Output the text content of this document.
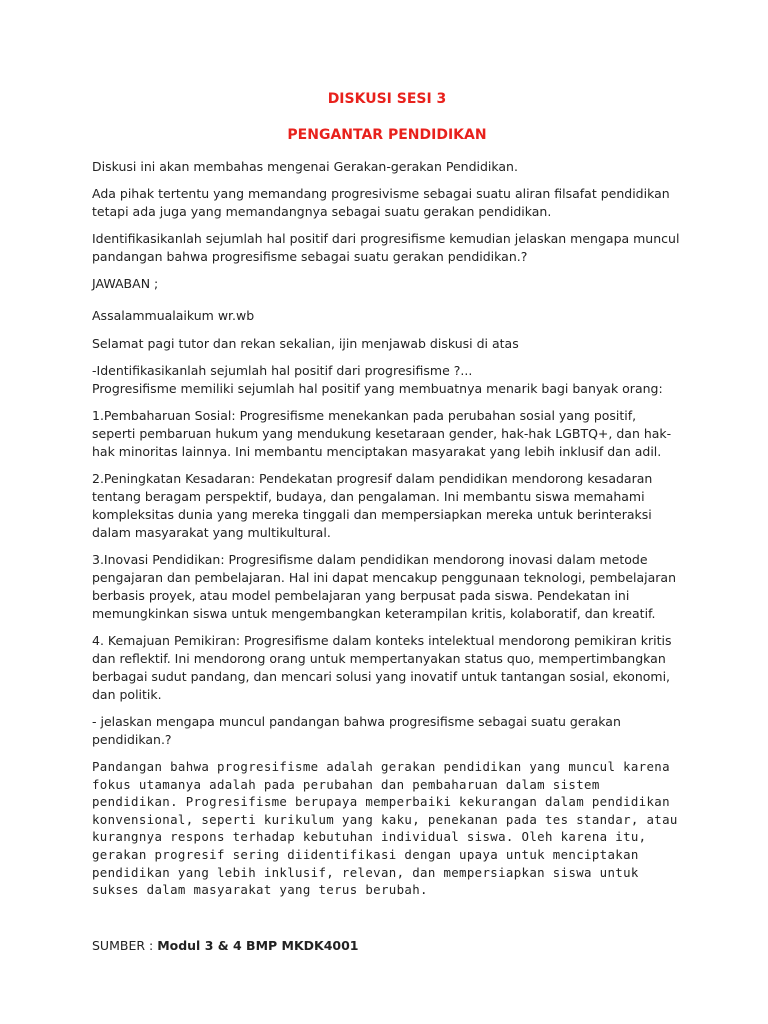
DISKUSI SESI 3

PENGANTAR PENDIDIKAN

Diskusi ini akan membahas mengenai Gerakan-gerakan Pendidikan.

Ada pihak tertentu yang memandang progresivisme sebagai suatu aliran filsafat pendidikan tetapi ada juga yang memandangnya sebagai suatu gerakan pendidikan.

Identifikasikanlah sejumlah hal positif dari progresifisme kemudian jelaskan mengapa muncul pandangan bahwa progresifisme sebagai suatu gerakan pendidikan.?

JAWABAN ;

Assalammualaikum wr.wb

Selamat pagi tutor dan rekan sekalian, ijin menjawab diskusi di atas

-Identifikasikanlah sejumlah hal positif dari progresifisme ?...
Progresifisme memiliki sejumlah hal positif yang membuatnya menarik bagi banyak orang:

1.Pembaharuan Sosial: Progresifisme menekankan pada perubahan sosial yang positif, seperti pembaruan hukum yang mendukung kesetaraan gender, hak-hak LGBTQ+, dan hak-hak minoritas lainnya. Ini membantu menciptakan masyarakat yang lebih inklusif dan adil.

2.Peningkatan Kesadaran: Pendekatan progresif dalam pendidikan mendorong kesadaran tentang beragam perspektif, budaya, dan pengalaman. Ini membantu siswa memahami kompleksitas dunia yang mereka tinggali dan mempersiapkan mereka untuk berinteraksi dalam masyarakat yang multikultural.

3.Inovasi Pendidikan: Progresifisme dalam pendidikan mendorong inovasi dalam metode pengajaran dan pembelajaran. Hal ini dapat mencakup penggunaan teknologi, pembelajaran berbasis proyek, atau model pembelajaran yang berpusat pada siswa. Pendekatan ini memungkinkan siswa untuk mengembangkan keterampilan kritis, kolaboratif, dan kreatif.

4. Kemajuan Pemikiran: Progresifisme dalam konteks intelektual mendorong pemikiran kritis dan reflektif. Ini mendorong orang untuk mempertanyakan status quo, mempertimbangkan berbagai sudut pandang, dan mencari solusi yang inovatif untuk tantangan sosial, ekonomi, dan politik.

- jelaskan mengapa muncul pandangan bahwa progresifisme sebagai suatu gerakan pendidikan.?

Pandangan bahwa progresifisme adalah gerakan pendidikan yang muncul karena fokus utamanya adalah pada perubahan dan pembaharuan dalam sistem pendidikan. Progresifisme berupaya memperbaiki kekurangan dalam pendidikan konvensional, seperti kurikulum yang kaku, penekanan pada tes standar, atau kurangnya respons terhadap kebutuhan individual siswa. Oleh karena itu, gerakan progresif sering diidentifikasi dengan upaya untuk menciptakan pendidikan yang lebih inklusif, relevan, dan mempersiapkan siswa untuk sukses dalam masyarakat yang terus berubah.

SUMBER : Modul 3 & 4 BMP MKDK4001
